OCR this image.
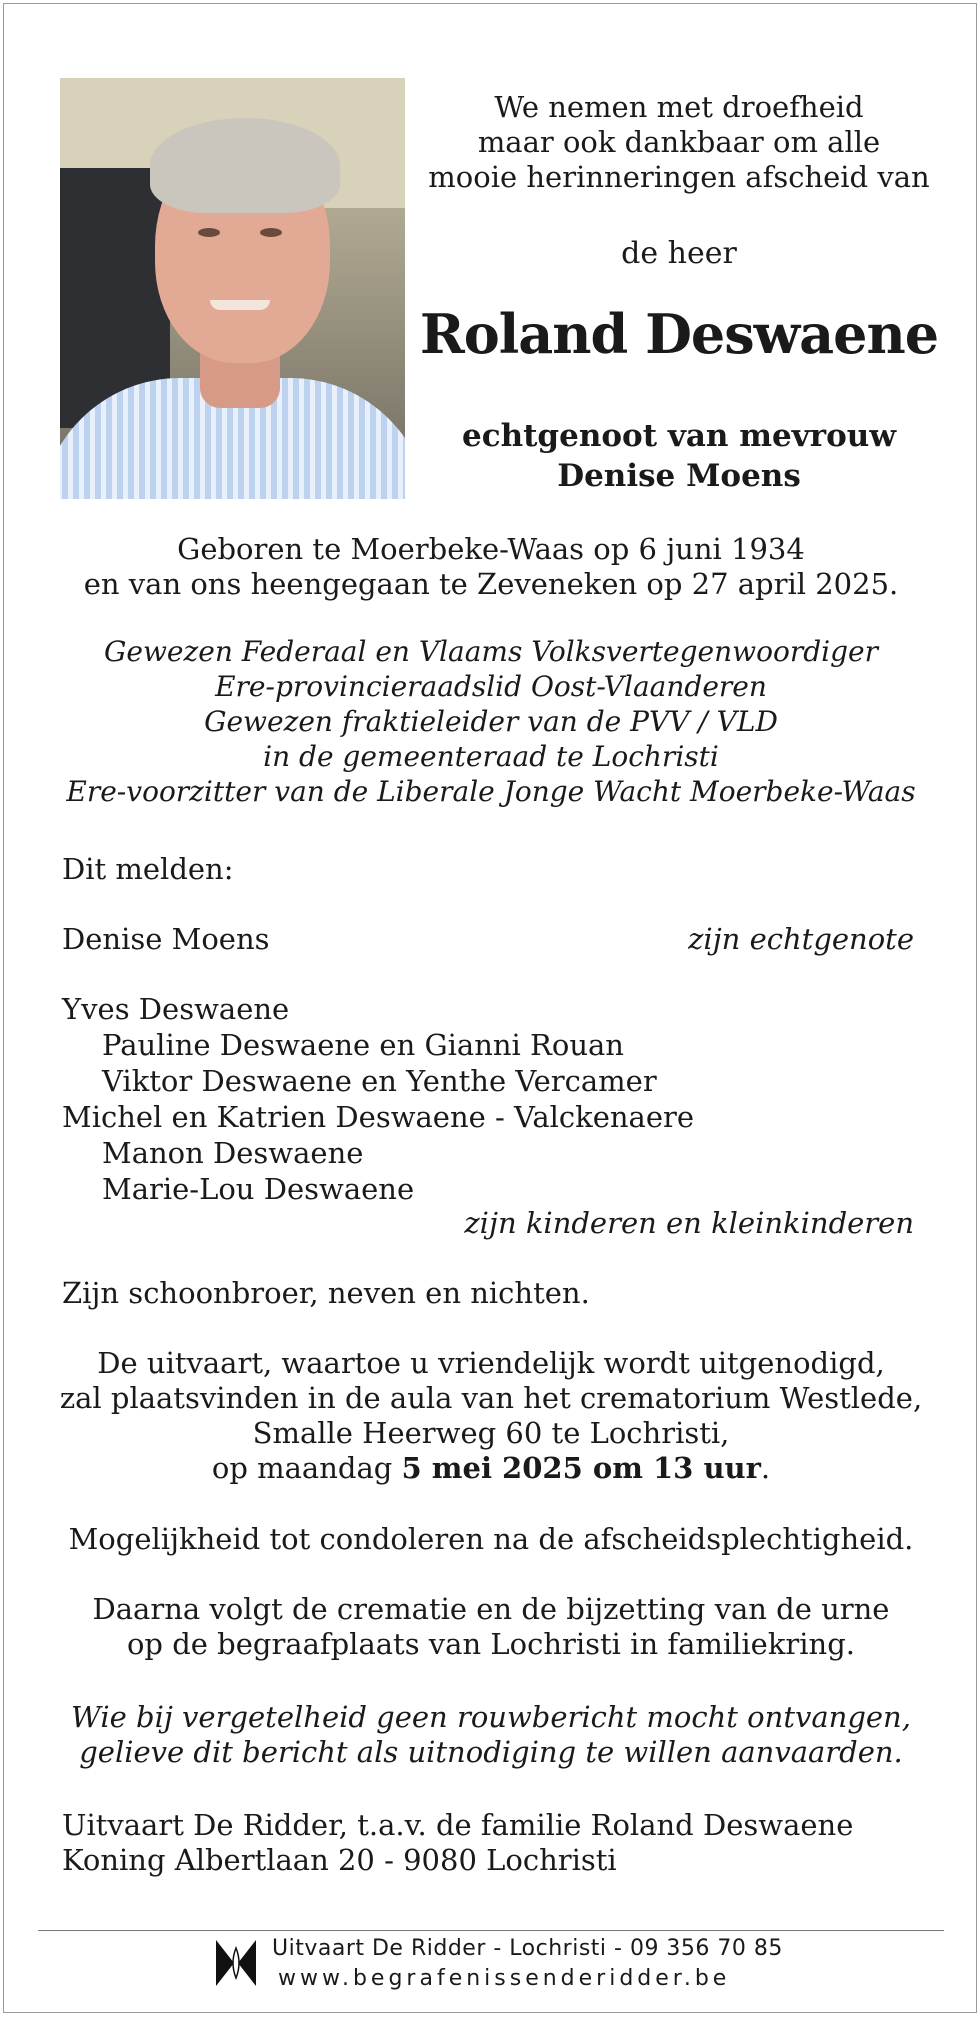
We nemen met droefheid
maar ook dankbaar om alle
mooie herinneringen afscheid van
de heer
Roland Deswaene
echtgenoot van mevrouw
Denise Moens
Geboren te Moerbeke-Waas op 6 juni 1934
en van ons heengegaan te Zeveneken op 27 april 2025.
Gewezen Federaal en Vlaams Volksvertegenwoordiger
Ere-provincieraadslid Oost-Vlaanderen
Gewezen fraktieleider van de PVV / VLD
in de gemeenteraad te Lochristi
Ere-voorzitter van de Liberale Jonge Wacht Moerbeke-Waas
Dit melden:
Denise Moens	zijn echtgenote
Yves Deswaene
Pauline Deswaene en Gianni Rouan
Viktor Deswaene en Yenthe Vercamer
Michel en Katrien Deswaene - Valckenaere
Manon Deswaene
Marie-Lou Deswaene
zijn kinderen en kleinkinderen
Zijn schoonbroer, neven en nichten.
De uitvaart, waartoe u vriendelijk wordt uitgenodigd,
zal plaatsvinden in de aula van het crematorium Westlede,
Smalle Heerweg 60 te Lochristi,
op maandag 5 mei 2025 om 13 uur.
Mogelijkheid tot condoleren na de afscheidsplechtigheid.
Daarna volgt de crematie en de bijzetting van de urne
op de begraafplaats van Lochristi in familiekring.
Wie bij vergetelheid geen rouwbericht mocht ontvangen,
gelieve dit bericht als uitnodiging te willen aanvaarden.
Uitvaart De Ridder, t.a.v. de familie Roland Deswaene
Koning Albertlaan 20 - 9080 Lochristi
Uitvaart De Ridder - Lochristi - 09 356 70 85
www.begrafenissenderidder.be
